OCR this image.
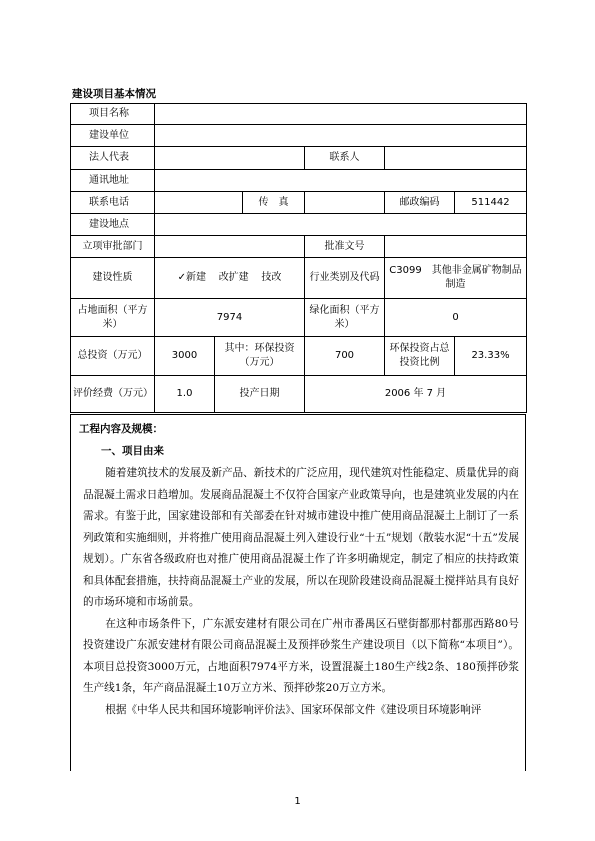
建设项目基本情况
项目名称						
建设单位						
法人代表				联系人		
通讯地址						
联系电话			传　真		邮政编码	511442
建设地点						
立项审批部门				批准文号		
建设性质	✓新建 改扩建 技改			行业类别及代码	C3099　其他非金属矿物制品制造	
占地面积（平方米）	7974			绿化面积（平方米）	0	
总投资（万元）	3000	其中：环保投资（万元）		700	环保投资占总投资比例	23.33%
评价经费（万元）	1.0	投产日期		2006 年 7 月		
工程内容及规模：
一、项目由来

随着建筑技术的发展及新产品、新技术的广泛应用，现代建筑对性能稳定、质量优异的商品混凝土需求日趋增加。发展商品混凝土不仅符合国家产业政策导向，也是建筑业发展的内在需求。有鉴于此，国家建设部和有关部委在针对城市建设中推广使用商品混凝土上制订了一系列政策和实施细则，并将推广使用商品混凝土列入建设行业“十五”规划（散装水泥“十五”发展规划）。广东省各级政府也对推广使用商品混凝土作了许多明确规定，制定了相应的扶持政策和具体配套措施，扶持商品混凝土产业的发展，所以在现阶段建设商品混凝土搅拌站具有良好的市场环境和市场前景。

在这种市场条件下，广东派安建材有限公司在广州市番禺区石壁街都那村都那西路80号投资建设广东派安建材有限公司商品混凝土及预拌砂浆生产建设项目（以下简称“本项目”）。本项目总投资3000万元，占地面积7974平方米，设置混凝土180生产线2条、180预拌砂浆生产线1条，年产商品混凝土10万立方米、预拌砂浆20万立方米。

根据《中华人民共和国环境影响评价法》、国家环保部文件《建设项目环境影响评

1
